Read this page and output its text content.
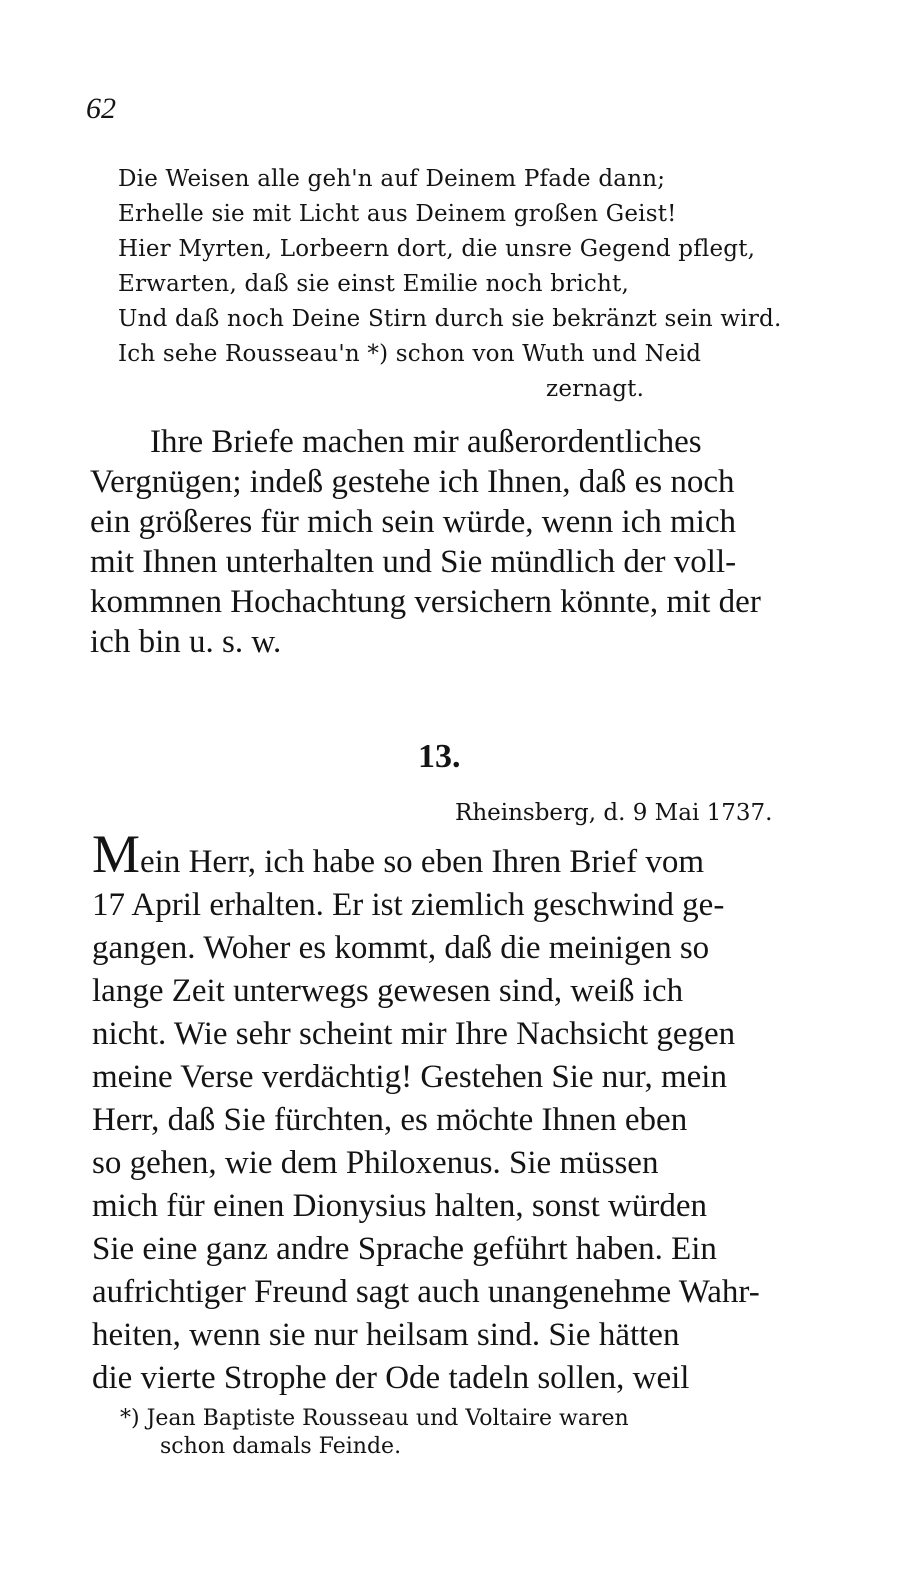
62
Die Weisen alle geh'n auf Deinem Pfade dann;
Erhelle sie mit Licht aus Deinem großen Geist!
Hier Myrten, Lorbeern dort, die unsre Gegend pflegt,
Erwarten, daß sie einst Emilie noch bricht,
Und daß noch Deine Stirn durch sie bekränzt sein wird.
Ich sehe Rousseau'n *) schon von Wuth und Neid
zernagt.
Ihre Briefe machen mir außerordentliches
Vergnügen; indeß gestehe ich Ihnen, daß es noch
ein größeres für mich sein würde, wenn ich mich
mit Ihnen unterhalten und Sie mündlich der voll-
kommnen Hochachtung versichern könnte, mit der
ich bin u. s. w.
13.
Rheinsberg, d. 9 Mai 1737.
Mein Herr, ich habe so eben Ihren Brief vom
17 April erhalten. Er ist ziemlich geschwind ge-
gangen. Woher es kommt, daß die meinigen so
lange Zeit unterwegs gewesen sind, weiß ich
nicht. Wie sehr scheint mir Ihre Nachsicht gegen
meine Verse verdächtig! Gestehen Sie nur, mein
Herr, daß Sie fürchten, es möchte Ihnen eben
so gehen, wie dem Philoxenus. Sie müssen
mich für einen Dionysius halten, sonst würden
Sie eine ganz andre Sprache geführt haben. Ein
aufrichtiger Freund sagt auch unangenehme Wahr-
heiten, wenn sie nur heilsam sind. Sie hätten
die vierte Strophe der Ode tadeln sollen, weil
*) Jean Baptiste Rousseau und Voltaire waren
schon damals Feinde.
